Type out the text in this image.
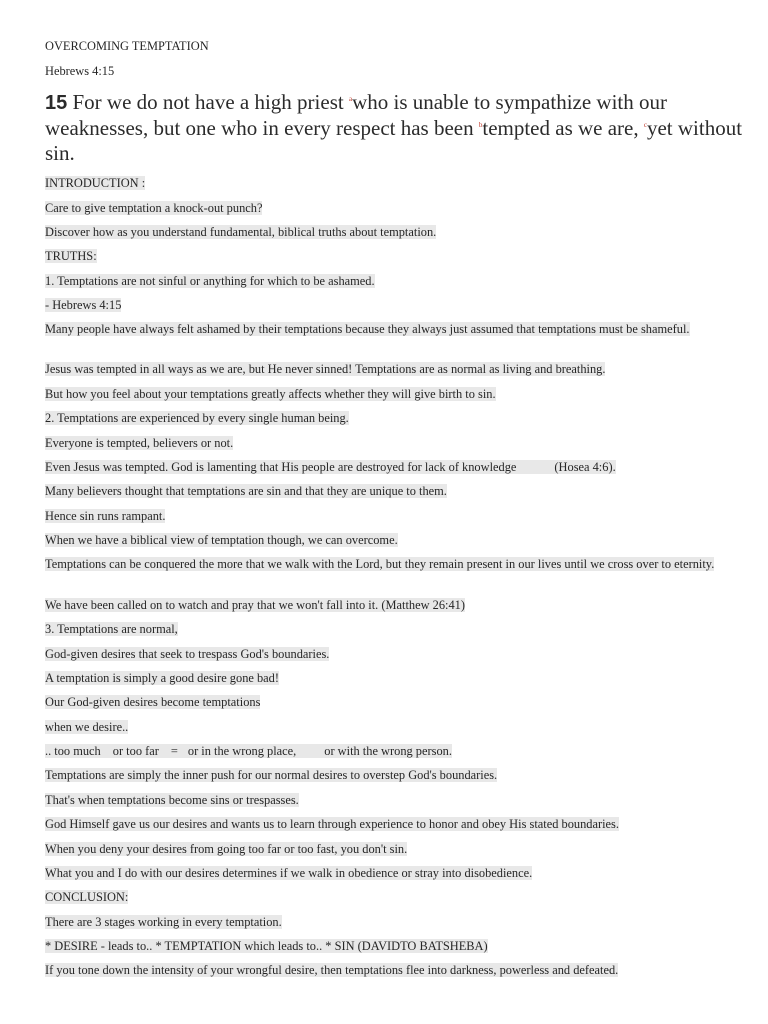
OVERCOMING TEMPTATION

Hebrews 4:15

15 For we do not have a high priest $^a$who is unable to sympathize with our weaknesses, but one who in every respect has been $^b$tempted as we are, $^c$yet without sin.

INTRODUCTION :

Care to give temptation a knock-out punch?

Discover how as you understand fundamental, biblical truths about temptation.

TRUTHS:

1. Temptations are not sinful or anything for which to be ashamed.

- Hebrews 4:15

Many people have always felt ashamed by their temptations because they always just assumed that temptations must be shameful.

Jesus was tempted in all ways as we are, but He never sinned! Temptations are as normal as living and breathing.

But how you feel about your temptations greatly affects whether they will give birth to sin.

2. Temptations are experienced by every single human being.

Everyone is tempted, believers or not.

Even Jesus was tempted. God is lamenting that His people are destroyed for lack of knowledge	(Hosea 4:6).

Many believers thought that temptations are sin and that they are unique to them.

Hence sin runs rampant.

When we have a biblical view of temptation though, we can overcome.

Temptations can be conquered the more that we walk with the Lord, but they remain present in our lives until we cross over to eternity.

We have been called on to watch and pray that we won't fall into it. (Matthew 26:41)

3. Temptations are normal,

God-given desires that seek to trespass God's boundaries.

A temptation is simply a good desire gone bad!

Our God-given desires become temptations

when we desire..

.. too much or too far = or in the wrong place, or with the wrong person.

Temptations are simply the inner push for our normal desires to overstep God's boundaries.

That's when temptations become sins or trespasses.

God Himself gave us our desires and wants us to learn through experience to honor and obey His stated boundaries.

When you deny your desires from going too far or too fast, you don't sin.

What you and I do with our desires determines if we walk in obedience or stray into disobedience.

CONCLUSION:

There are 3 stages working in every temptation.

* DESIRE - leads to.. * TEMPTATION which leads to.. * SIN (DAVIDTO BATSHEBA)

If you tone down the intensity of your wrongful desire, then temptations flee into darkness, powerless and defeated.
